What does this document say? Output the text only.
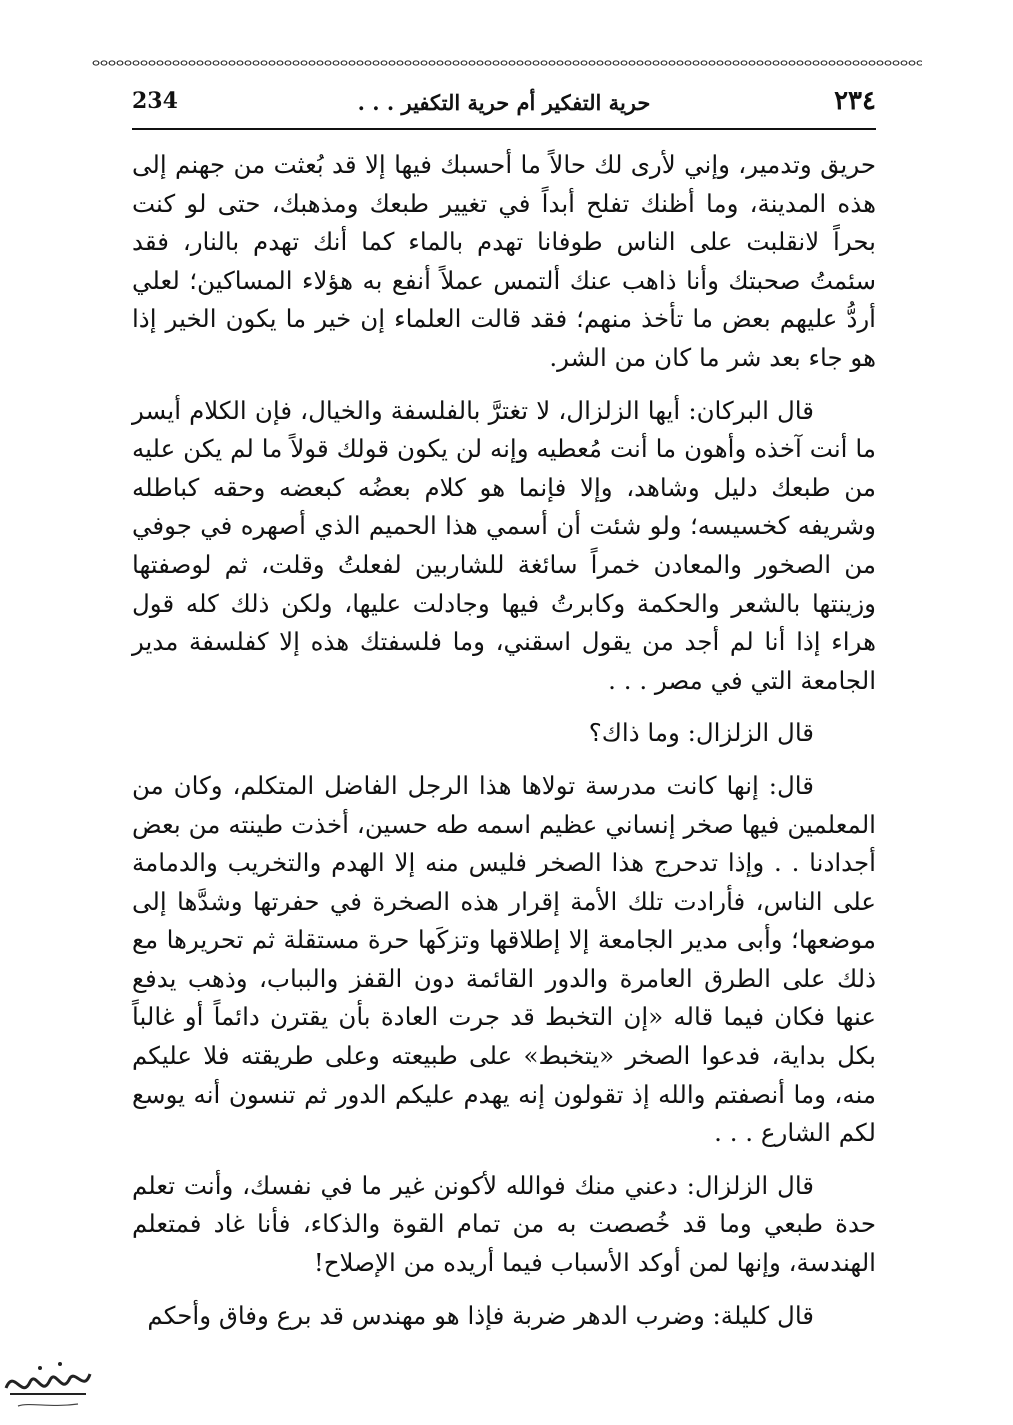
٢٣٤
حرية التفكير أم حرية التكفير . . .
234

حريق وتدمير، وإني لأرى لك حالاً ما أحسبك فيها إلا قد بُعثت من جهنم إلى هذه المدينة، وما أظنك تفلح أبداً في تغيير طبعك ومذهبك، حتى لو كنت بحراً لانقلبت على الناس طوفانا تهدم بالماء كما أنك تهدم بالنار، فقد سئمتُ صحبتك وأنا ذاهب عنك ألتمس عملاً أنفع به هؤلاء المساكين؛ لعلي أردُّ عليهم بعض ما تأخذ منهم؛ فقد قالت العلماء إن خير ما يكون الخير إذا هو جاء بعد شر ما كان من الشر.

قال البركان: أيها الزلزال، لا تغترَّ بالفلسفة والخيال، فإن الكلام أيسر ما أنت آخذه وأهون ما أنت مُعطيه وإنه لن يكون قولك قولاً ما لم يكن عليه من طبعك دليل وشاهد، وإلا فإنما هو كلام بعضُه كبعضه وحقه كباطله وشريفه كخسيسه؛ ولو شئت أن أسمي هذا الحميم الذي أصهره في جوفي من الصخور والمعادن خمراً سائغة للشاربين لفعلتُ وقلت، ثم لوصفتها وزينتها بالشعر والحكمة وكابرتُ فيها وجادلت عليها، ولكن ذلك كله قول هراء إذا أنا لم أجد من يقول اسقني، وما فلسفتك هذه إلا كفلسفة مدير الجامعة التي في مصر . . .

قال الزلزال: وما ذاك؟

قال: إنها كانت مدرسة تولاها هذا الرجل الفاضل المتكلم، وكان من المعلمين فيها صخر إنساني عظيم اسمه طه حسين، أخذت طينته من بعض أجدادنا . . وإذا تدحرج هذا الصخر فليس منه إلا الهدم والتخريب والدمامة على الناس، فأرادت تلك الأمة إقرار هذه الصخرة في حفرتها وشدَّها إلى موضعها؛ وأبى مدير الجامعة إلا إطلاقها وتزكَها حرة مستقلة ثم تحريرها مع ذلك على الطرق العامرة والدور القائمة دون القفز والبباب، وذهب يدفع عنها فكان فيما قاله «إن التخبط قد جرت العادة بأن يقترن دائماً أو غالباً بكل بداية، فدعوا الصخر «يتخبط» على طبيعته وعلى طريقته فلا عليكم منه، وما أنصفتم والله إذ تقولون إنه يهدم عليكم الدور ثم تنسون أنه يوسع لكم الشارع . . .

قال الزلزال: دعني منك فوالله لأكونن غير ما في نفسك، وأنت تعلم حدة طبعي وما قد خُصصت به من تمام القوة والذكاء، فأنا غاد فمتعلم الهندسة، وإنها لمن أوكد الأسباب فيما أريده من الإصلاح!

قال كليلة: وضرب الدهر ضربة فإذا هو مهندس قد برع وفاق وأحكم
